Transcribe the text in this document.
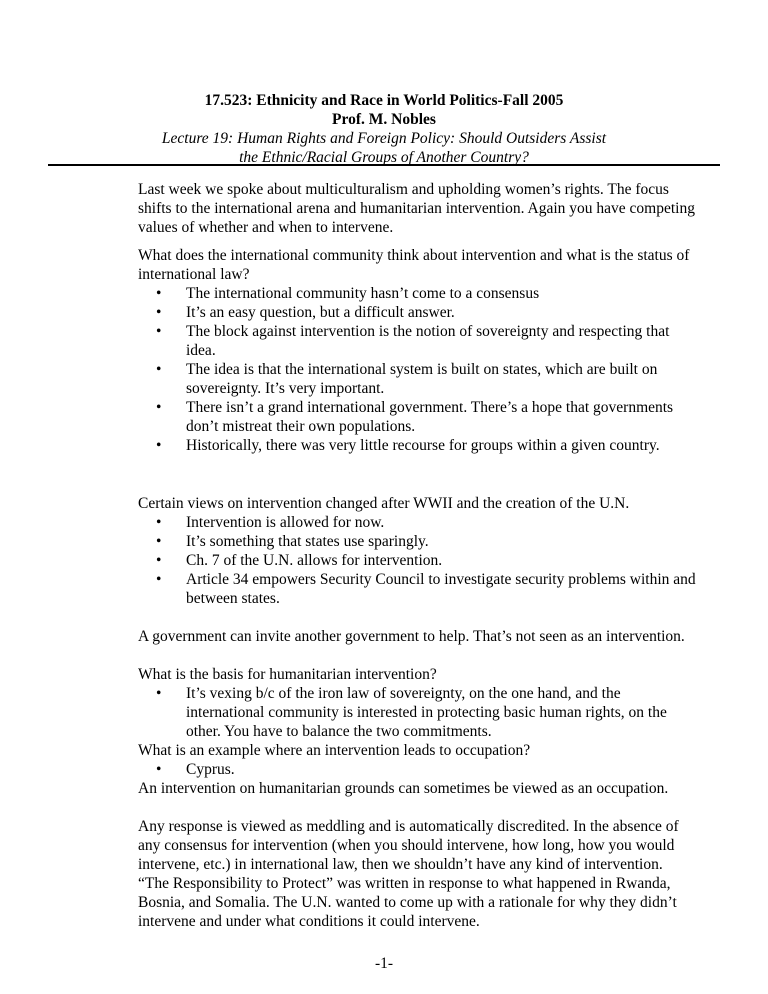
17.523: Ethnicity and Race in World Politics-Fall 2005
Prof. M. Nobles
Lecture 19: Human Rights and Foreign Policy: Should Outsiders Assist
the Ethnic/Racial Groups of Another Country?

Last week we spoke about multiculturalism and upholding women’s rights. The focus shifts to the international arena and humanitarian intervention. Again you have competing values of whether and when to intervene.

What does the international community think about intervention and what is the status of international law?

• The international community hasn’t come to a consensus
• It’s an easy question, but a difficult answer.
• The block against intervention is the notion of sovereignty and respecting that idea.
• The idea is that the international system is built on states, which are built on sovereignty. It’s very important.
• There isn’t a grand international government. There’s a hope that governments don’t mistreat their own populations.
• Historically, there was very little recourse for groups within a given country.

Certain views on intervention changed after WWII and the creation of the U.N.

• Intervention is allowed for now.
• It’s something that states use sparingly.
• Ch. 7 of the U.N. allows for intervention.
• Article 34 empowers Security Council to investigate security problems within and between states.

A government can invite another government to help. That’s not seen as an intervention.

What is the basis for humanitarian intervention?

• It’s vexing b/c of the iron law of sovereignty, on the one hand, and the international community is interested in protecting basic human rights, on the other. You have to balance the two commitments.

What is an example where an intervention leads to occupation?

• Cyprus.

An intervention on humanitarian grounds can sometimes be viewed as an occupation.

Any response is viewed as meddling and is automatically discredited. In the absence of any consensus for intervention (when you should intervene, how long, how you would intervene, etc.) in international law, then we shouldn’t have any kind of intervention.

“The Responsibility to Protect” was written in response to what happened in Rwanda, Bosnia, and Somalia. The U.N. wanted to come up with a rationale for why they didn’t intervene and under what conditions it could intervene.

-1-
